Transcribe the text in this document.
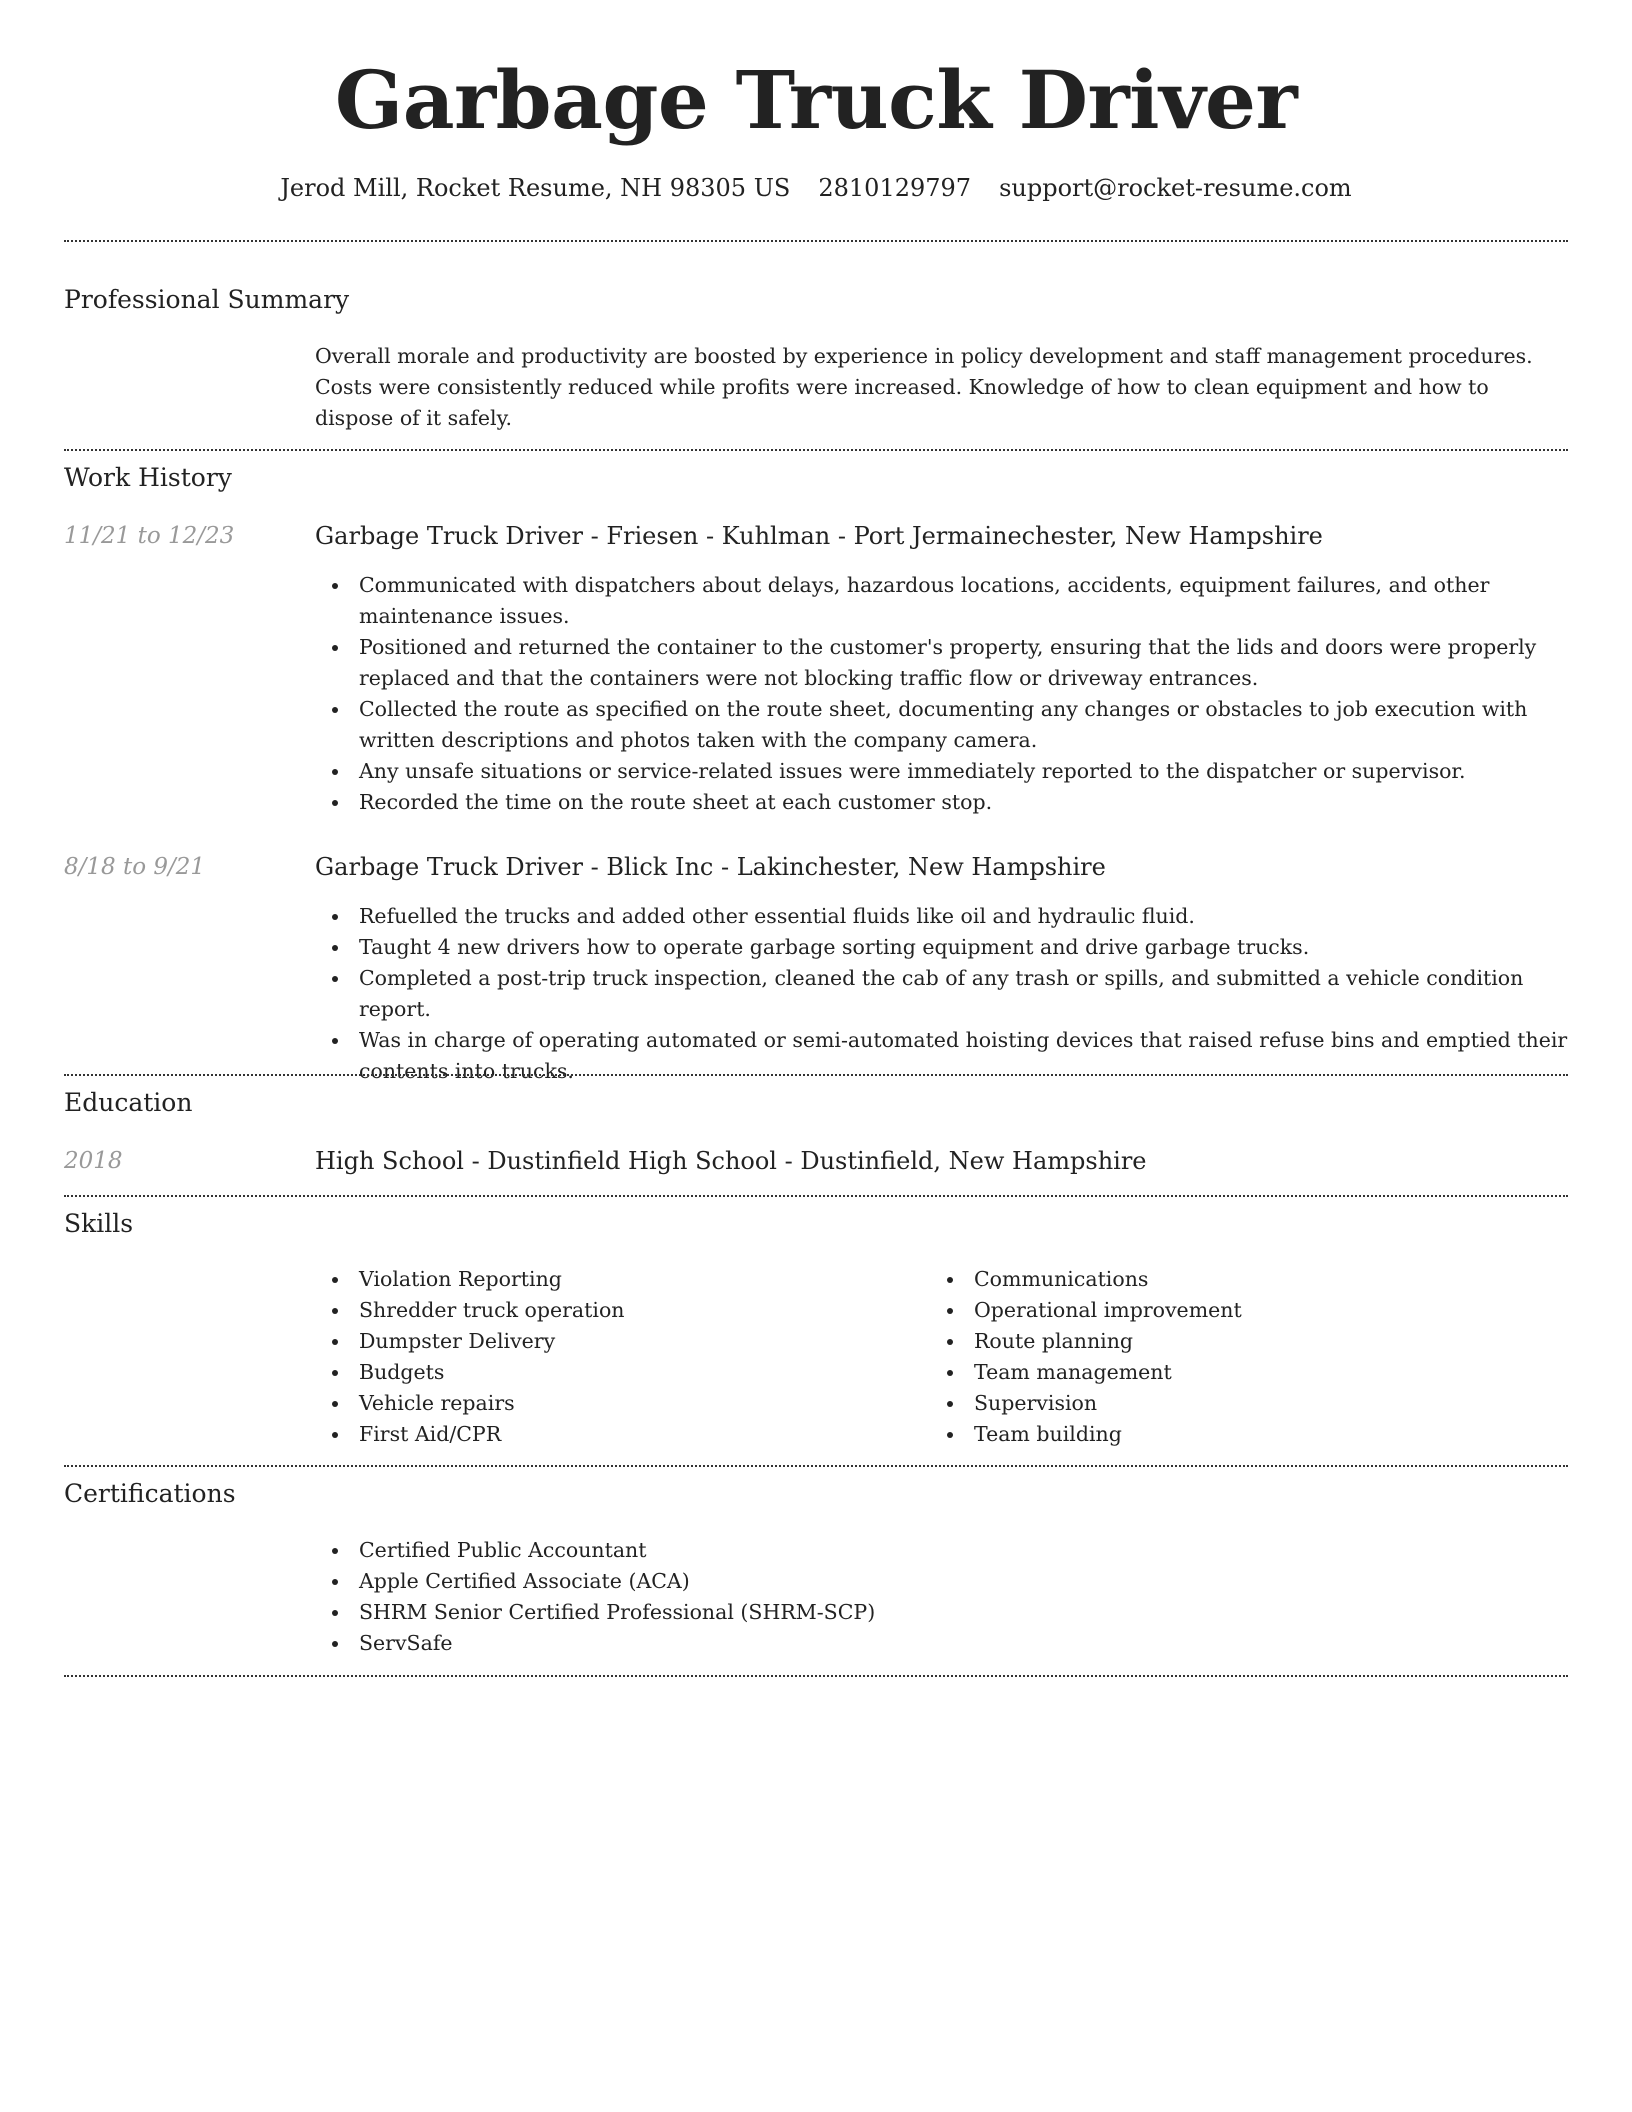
Garbage Truck Driver
Jerod Mill, Rocket Resume, NH 98305 US 2810129797 support@rocket-resume.com
Professional Summary

Overall morale and productivity are boosted by experience in policy development and staff management procedures. Costs were consistently reduced while profits were increased. Knowledge of how to clean equipment and how to dispose of it safely.

Work History
11/21 to 12/23	Garbage Truck Driver - Friesen - Kuhlman - Port Jermainechester, New Hampshire
Communicated with dispatchers about delays, hazardous locations, accidents, equipment failures, and other maintenance issues.
Positioned and returned the container to the customer's property, ensuring that the lids and doors were properly replaced and that the containers were not blocking traffic flow or driveway entrances.
Collected the route as specified on the route sheet, documenting any changes or obstacles to job execution with written descriptions and photos taken with the company camera.
Any unsafe situations or service-related issues were immediately reported to the dispatcher or supervisor.
Recorded the time on the route sheet at each customer stop.
8/18 to 9/21	Garbage Truck Driver - Blick Inc - Lakinchester, New Hampshire
Refuelled the trucks and added other essential fluids like oil and hydraulic fluid.
Taught 4 new drivers how to operate garbage sorting equipment and drive garbage trucks.
Completed a post-trip truck inspection, cleaned the cab of any trash or spills, and submitted a vehicle condition report.
Was in charge of operating automated or semi-automated hoisting devices that raised refuse bins and emptied their contents into trucks.
Education
2018	High School - Dustinfield High School - Dustinfield, New Hampshire
Skills
Violation Reporting
Shredder truck operation
Dumpster Delivery
Budgets
Vehicle repairs
First Aid/CPR
Communications
Operational improvement
Route planning
Team management
Supervision
Team building
Certifications
Certified Public Accountant
Apple Certified Associate (ACA)
SHRM Senior Certified Professional (SHRM-SCP)
ServSafe
